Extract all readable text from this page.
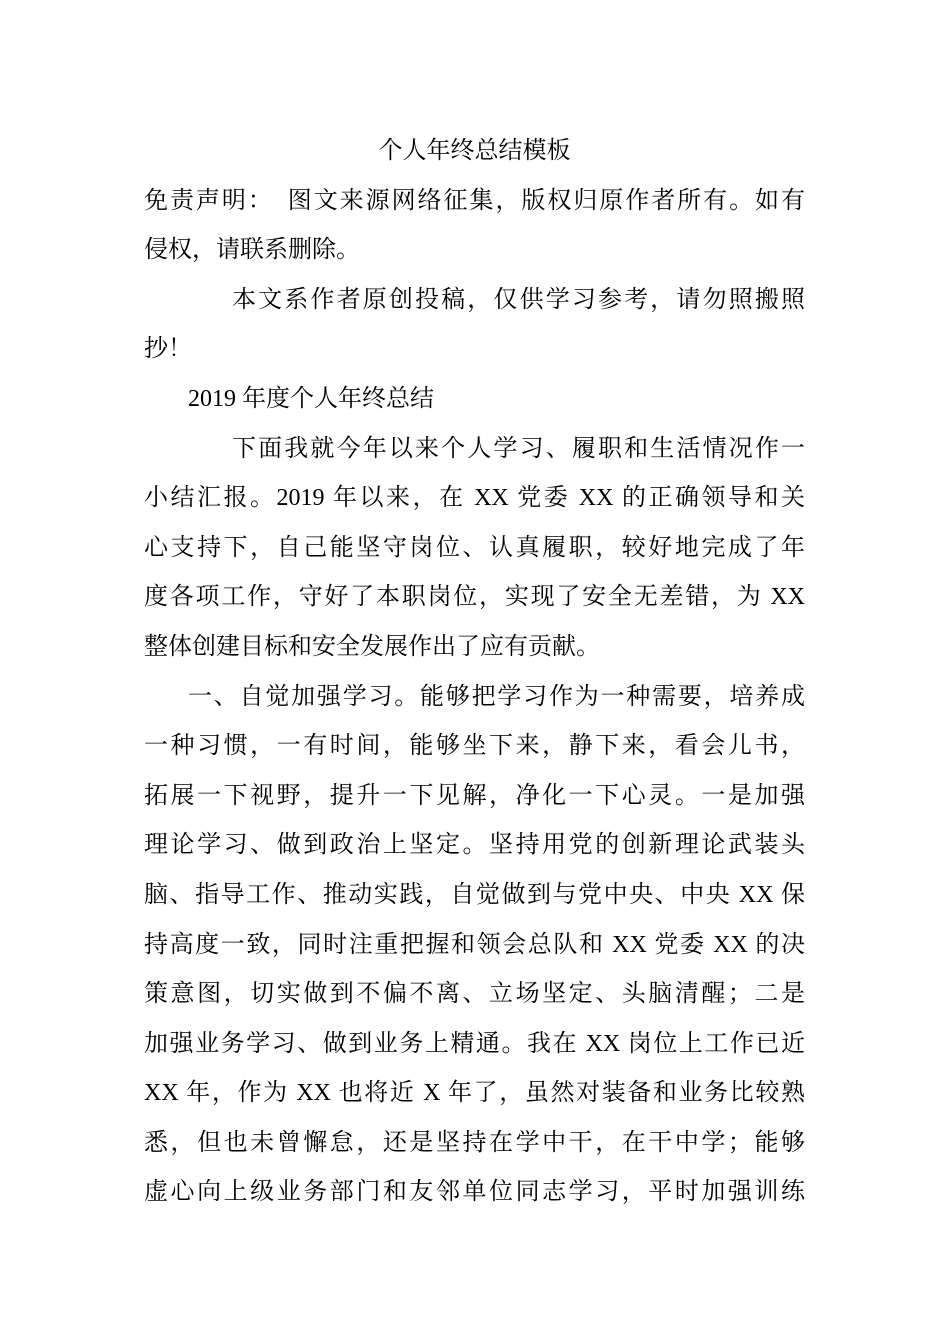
个人年终总结模板
免责声明：　图文来源网络征集，版权归原作者所有。如有
侵权，请联系删除。
本文系作者原创投稿，仅供学习参考，请勿照搬照
抄！
2019 年度个人年终总结
下面我就今年以来个人学习、履职和生活情况作一
小结汇报。2019 年以来，在 XX 党委 XX 的正确领导和关
心支持下，自己能坚守岗位、认真履职，较好地完成了年
度各项工作，守好了本职岗位，实现了安全无差错，为 XX
整体创建目标和安全发展作出了应有贡献。
一、自觉加强学习。能够把学习作为一种需要，培养成
一种习惯，一有时间，能够坐下来，静下来，看会儿书，
拓展一下视野，提升一下见解，净化一下心灵。一是加强
理论学习、做到政治上坚定。坚持用党的创新理论武装头
脑、指导工作、推动实践，自觉做到与党中央、中央 XX 保
持高度一致，同时注重把握和领会总队和 XX 党委 XX 的决
策意图，切实做到不偏不离、立场坚定、头脑清醒；二是
加强业务学习、做到业务上精通。我在 XX 岗位上工作已近
XX 年，作为 XX 也将近 X 年了，虽然对装备和业务比较熟
悉，但也未曾懈怠，还是坚持在学中干，在干中学；能够
虚心向上级业务部门和友邻单位同志学习，平时加强训练
